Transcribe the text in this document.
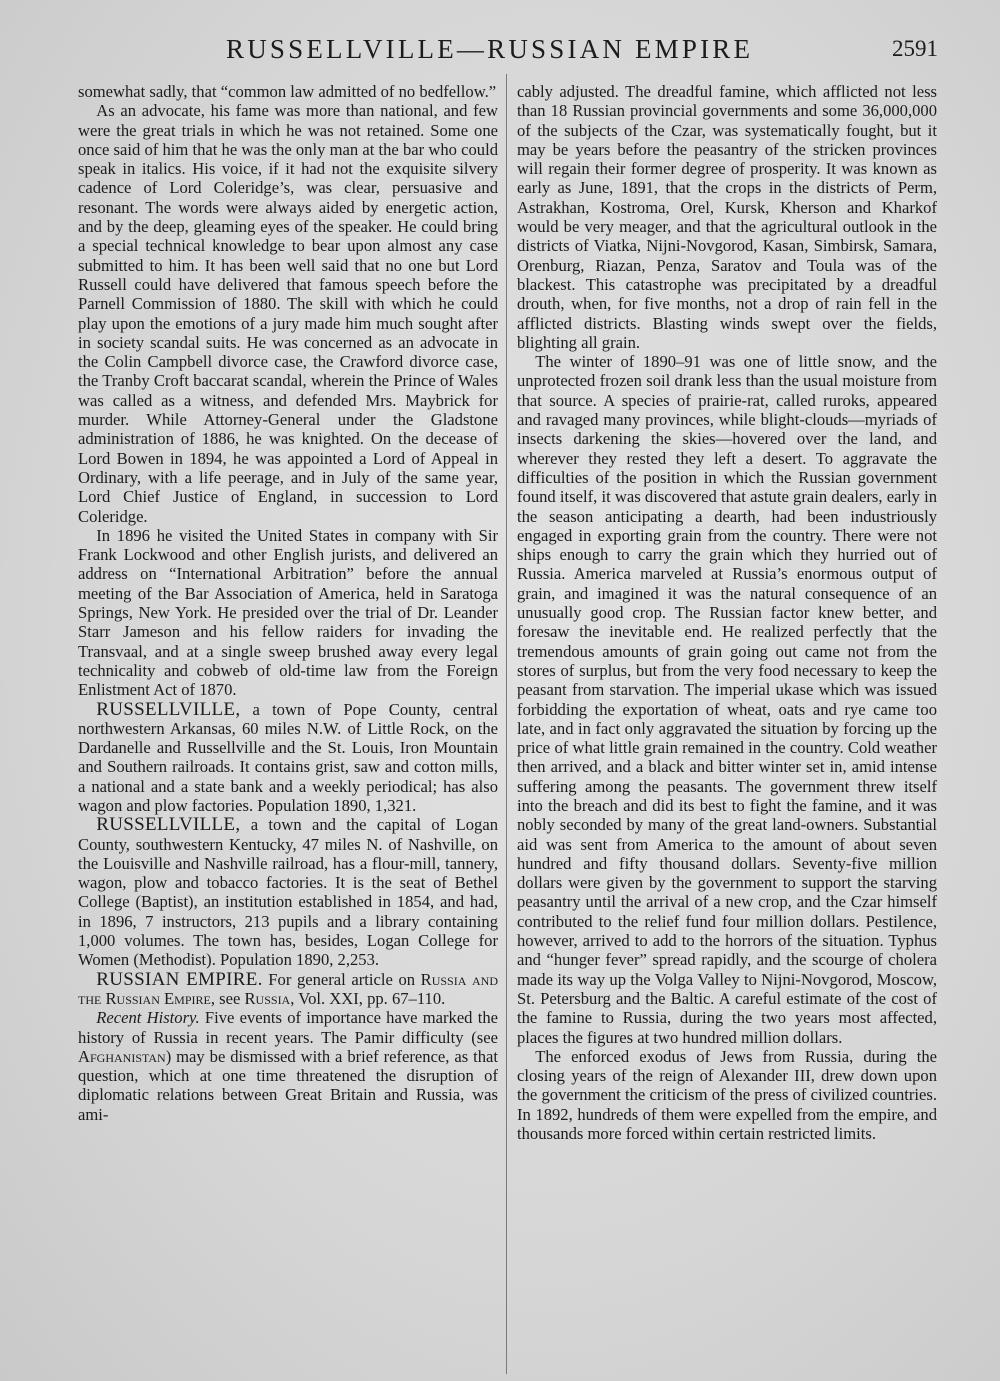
RUSSELLVILLE—RUSSIAN EMPIRE	2591

somewhat sadly, that “common law admitted of no bedfellow.”

As an advocate, his fame was more than national, and few were the great trials in which he was not retained. Some one once said of him that he was the only man at the bar who could speak in italics. His voice, if it had not the exquisite silvery cadence of Lord Coleridge’s, was clear, persuasive and resonant. The words were always aided by energetic action, and by the deep, gleaming eyes of the speaker. He could bring a special technical knowledge to bear upon almost any case submitted to him. It has been well said that no one but Lord Russell could have delivered that famous speech before the Parnell Commission of 1880. The skill with which he could play upon the emotions of a jury made him much sought after in society scandal suits. He was concerned as an advocate in the Colin Campbell divorce case, the Crawford divorce case, the Tranby Croft baccarat scandal, wherein the Prince of Wales was called as a witness, and defended Mrs. Maybrick for murder. While Attorney-General under the Gladstone administration of 1886, he was knighted. On the decease of Lord Bowen in 1894, he was appointed a Lord of Appeal in Ordinary, with a life peerage, and in July of the same year, Lord Chief Justice of England, in succession to Lord Coleridge.

In 1896 he visited the United States in company with Sir Frank Lockwood and other English jurists, and delivered an address on “International Arbitration” before the annual meeting of the Bar Association of America, held in Saratoga Springs, New York. He presided over the trial of Dr. Leander Starr Jameson and his fellow raiders for invading the Transvaal, and at a single sweep brushed away every legal technicality and cobweb of old-time law from the Foreign Enlistment Act of 1870.

RUSSELLVILLE, a town of Pope County, central northwestern Arkansas, 60 miles N.W. of Little Rock, on the Dardanelle and Russellville and the St. Louis, Iron Mountain and Southern railroads. It contains grist, saw and cotton mills, a national and a state bank and a weekly periodical; has also wagon and plow factories. Population 1890, 1,321.

RUSSELLVILLE, a town and the capital of Logan County, southwestern Kentucky, 47 miles N. of Nashville, on the Louisville and Nashville railroad, has a flour-mill, tannery, wagon, plow and tobacco factories. It is the seat of Bethel College (Baptist), an institution established in 1854, and had, in 1896, 7 instructors, 213 pupils and a library containing 1,000 volumes. The town has, besides, Logan College for Women (Methodist). Population 1890, 2,253.

RUSSIAN EMPIRE. For general article on Russia and the Russian Empire, see Russia, Vol. XXI, pp. 67–110.

Recent History. Five events of importance have marked the history of Russia in recent years. The Pamir difficulty (see Afghanistan) may be dismissed with a brief reference, as that question, which at one time threatened the disruption of diplomatic relations between Great Britain and Russia, was ami-

cably adjusted. The dreadful famine, which afflicted not less than 18 Russian provincial governments and some 36,000,000 of the subjects of the Czar, was systematically fought, but it may be years before the peasantry of the stricken provinces will regain their former degree of prosperity. It was known as early as June, 1891, that the crops in the districts of Perm, Astrakhan, Kostroma, Orel, Kursk, Kherson and Kharkof would be very meager, and that the agricultural outlook in the districts of Viatka, Nijni-Novgorod, Kasan, Simbirsk, Samara, Orenburg, Riazan, Penza, Saratov and Toula was of the blackest. This catastrophe was precipitated by a dreadful drouth, when, for five months, not a drop of rain fell in the afflicted districts. Blasting winds swept over the fields, blighting all grain.

The winter of 1890–91 was one of little snow, and the unprotected frozen soil drank less than the usual moisture from that source. A species of prairie-rat, called ruroks, appeared and ravaged many provinces, while blight-clouds—myriads of insects darkening the skies—hovered over the land, and wherever they rested they left a desert. To aggravate the difficulties of the position in which the Russian government found itself, it was discovered that astute grain dealers, early in the season anticipating a dearth, had been industriously engaged in exporting grain from the country. There were not ships enough to carry the grain which they hurried out of Russia. America marveled at Russia’s enormous output of grain, and imagined it was the natural consequence of an unusually good crop. The Russian factor knew better, and foresaw the inevitable end. He realized perfectly that the tremendous amounts of grain going out came not from the stores of surplus, but from the very food necessary to keep the peasant from starvation. The imperial ukase which was issued forbidding the exportation of wheat, oats and rye came too late, and in fact only aggravated the situation by forcing up the price of what little grain remained in the country. Cold weather then arrived, and a black and bitter winter set in, amid intense suffering among the peasants. The government threw itself into the breach and did its best to fight the famine, and it was nobly seconded by many of the great land-owners. Substantial aid was sent from America to the amount of about seven hundred and fifty thousand dollars. Seventy-five million dollars were given by the government to support the starving peasantry until the arrival of a new crop, and the Czar himself contributed to the relief fund four million dollars. Pestilence, however, arrived to add to the horrors of the situation. Typhus and “hunger fever” spread rapidly, and the scourge of cholera made its way up the Volga Valley to Nijni-Novgorod, Moscow, St. Petersburg and the Baltic. A careful estimate of the cost of the famine to Russia, during the two years most affected, places the figures at two hundred million dollars.

The enforced exodus of Jews from Russia, during the closing years of the reign of Alexander III, drew down upon the government the criticism of the press of civilized countries. In 1892, hundreds of them were expelled from the empire, and thousands more forced within certain restricted limits.
